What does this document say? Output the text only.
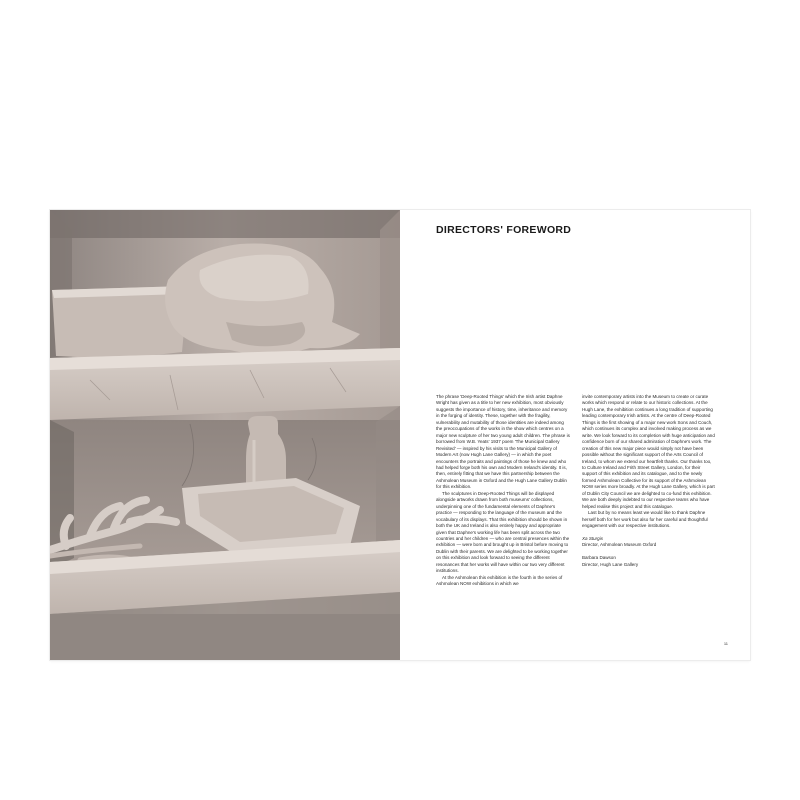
DIRECTORS' FOREWORD

The phrase 'Deep-Rooted Things' which the Irish artist Daphne Wright has given as a title to her new exhibition, most obviously suggests the importance of history, time, inheritance and memory in the forging of identity. These, together with the fragility, vulnerability and mutability of those identities are indeed among the preoccupations of the works in the show which centres on a major new sculpture of her two young adult children. The phrase is borrowed from W.B. Yeats' 1937 poem 'The Municipal Gallery Revisited' — inspired by his visits to the Municipal Gallery of Modern Art (now Hugh Lane Gallery) — in which the poet encounters the portraits and paintings of those he knew and who had helped forge both his own and Modern Ireland's identity. It is, then, entirely fitting that we have this partnership between the Ashmolean Museum in Oxford and the Hugh Lane Gallery Dublin for this exhibition.

The sculptures in Deep-Rooted Things will be displayed alongside artworks drawn from both museums' collections, underpinning one of the fundamental elements of Daphne's practice — responding to the language of the museum and the vocabulary of its displays. That this exhibition should be shown in both the UK and Ireland is also entirely happy and appropriate given that Daphne's working life has been split across the two countries and her children — who are central presences within the exhibition — were born and brought up in Bristol before moving to Dublin with their parents. We are delighted to be working together on this exhibition and look forward to seeing the different resonances that her works will have within our two very different institutions.

At the Ashmolean this exhibition is the fourth in the series of Ashmolean NOW exhibitions in which we

invite contemporary artists into the Museum to create or curate works which respond or relate to our historic collections. At the Hugh Lane, the exhibition continues a long tradition of supporting leading contemporary Irish artists. At the centre of Deep-Rooted Things is the first showing of a major new work Sons and Couch, which continues its complex and involved making process as we write. We look forward to its completion with huge anticipation and confidence born of our shared admiration of Daphne's work. The creation of this new major piece would simply not have been possible without the significant support of the Arts Council of Ireland, to whom we extend our heartfelt thanks. Our thanks too, to Culture Ireland and Frith Street Gallery, London, for their support of this exhibition and its catalogue, and to the newly formed Ashmolean Collective for its support of the Ashmolean NOW series more broadly. At the Hugh Lane Gallery, which is part of Dublin City Council we are delighted to co-fund this exhibition. We are both deeply indebted to our respective teams who have helped realise this project and this catalogue.

Last but by no means least we would like to thank Daphne herself both for her work but also for her careful and thoughtful engagement with our respective institutions.

Xa Sturgis

Director, Ashmolean Museum Oxford

Barbara Dawson

Director, Hugh Lane Gallery

11
